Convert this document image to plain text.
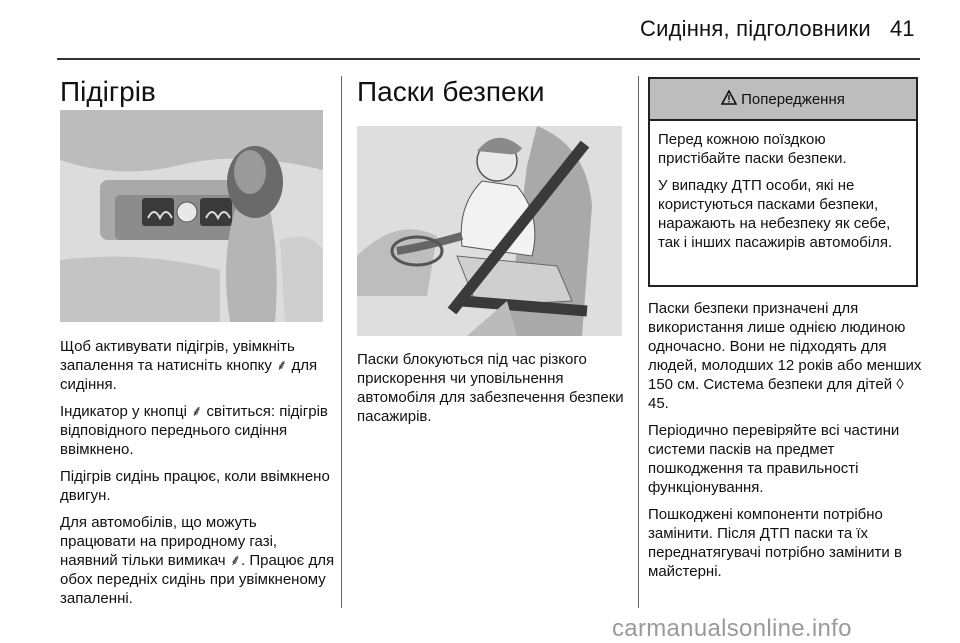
Сидіння, підголовники 41
Підігрів

Щоб активувати підігрів, увімкніть запалення та натисніть кнопку ⸙ для сидіння.

Індикатор у кнопці ⸙ світиться: підігрів відповідного переднього сидіння ввімкнено.

Підігрів сидінь працює, коли ввімкнено двигун.

Для автомобілів, що можуть працювати на природному газі, наявний тільки вимикач ⸙. Працює для обох передніх сидінь при увімкненому запаленні.

Паски безпеки

Паски блокуються під час різкого прискорення чи уповільнення автомобіля для забезпечення безпеки пасажирів.

Попередження

Перед кожною поїздкою пристібайте паски безпеки.

У випадку ДТП особи, які не користуються пасками безпеки, наражають на небезпеку як себе, так і інших пасажирів автомобіля.

Паски безпеки призначені для використання лише однією людиною одночасно. Вони не підходять для людей, молодших 12 років або менших 150 см. Система безпеки для дітей ◊ 45.

Періодично перевіряйте всі частини системи пасків на предмет пошкодження та правильності функціонування.

Пошкоджені компоненти потрібно замінити. Після ДТП паски та їх переднатягувачі потрібно замінити в майстерні.

carmanualsonline.info
